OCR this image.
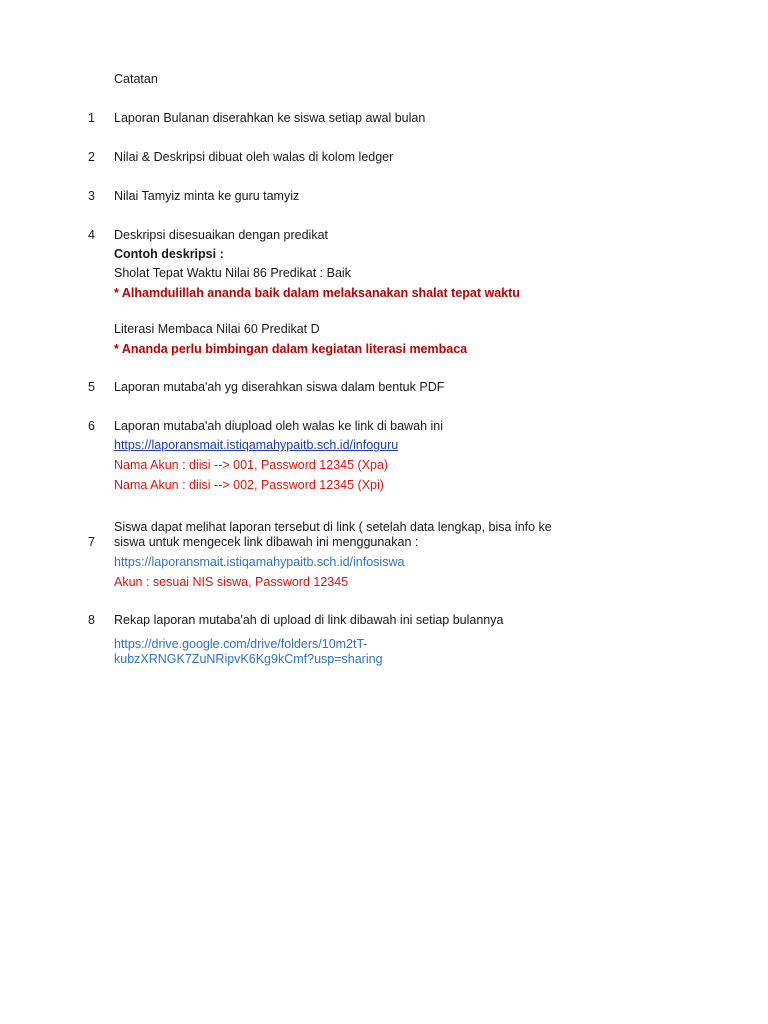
Catatan
1 Laporan Bulanan diserahkan ke siswa setiap awal bulan
2 Nilai & Deskripsi dibuat oleh walas di kolom ledger
3 Nilai Tamyiz minta ke guru tamyiz
4 Deskripsi disesuaikan dengan predikat
Contoh deskripsi :
Sholat Tepat Waktu Nilai 86 Predikat : Baik
* Alhamdulillah ananda baik dalam melaksanakan shalat tepat waktu
Literasi Membaca Nilai 60 Predikat D
* Ananda perlu bimbingan dalam kegiatan literasi membaca
5 Laporan mutaba'ah yg diserahkan siswa dalam bentuk PDF
6 Laporan mutaba'ah diupload oleh walas ke link di bawah ini
https://laporansmait.istiqamahypaitb.sch.id/infoguru
Nama Akun : diisi --> 001, Password 12345 (Xpa)
Nama Akun : diisi --> 002, Password 12345 (Xpi)
Siswa dapat melihat laporan tersebut di link ( setelah data lengkap, bisa info ke
7 siswa untuk mengecek link dibawah ini menggunakan :
https://laporansmait.istiqamahypaitb.sch.id/infosiswa
Akun : sesuai NIS siswa, Password 12345
8 Rekap laporan mutaba'ah di upload di link dibawah ini setiap bulannya
https://drive.google.com/drive/folders/10m2tT-
kubzXRNGK7ZuNRipvK6Kg9kCmf?usp=sharing
